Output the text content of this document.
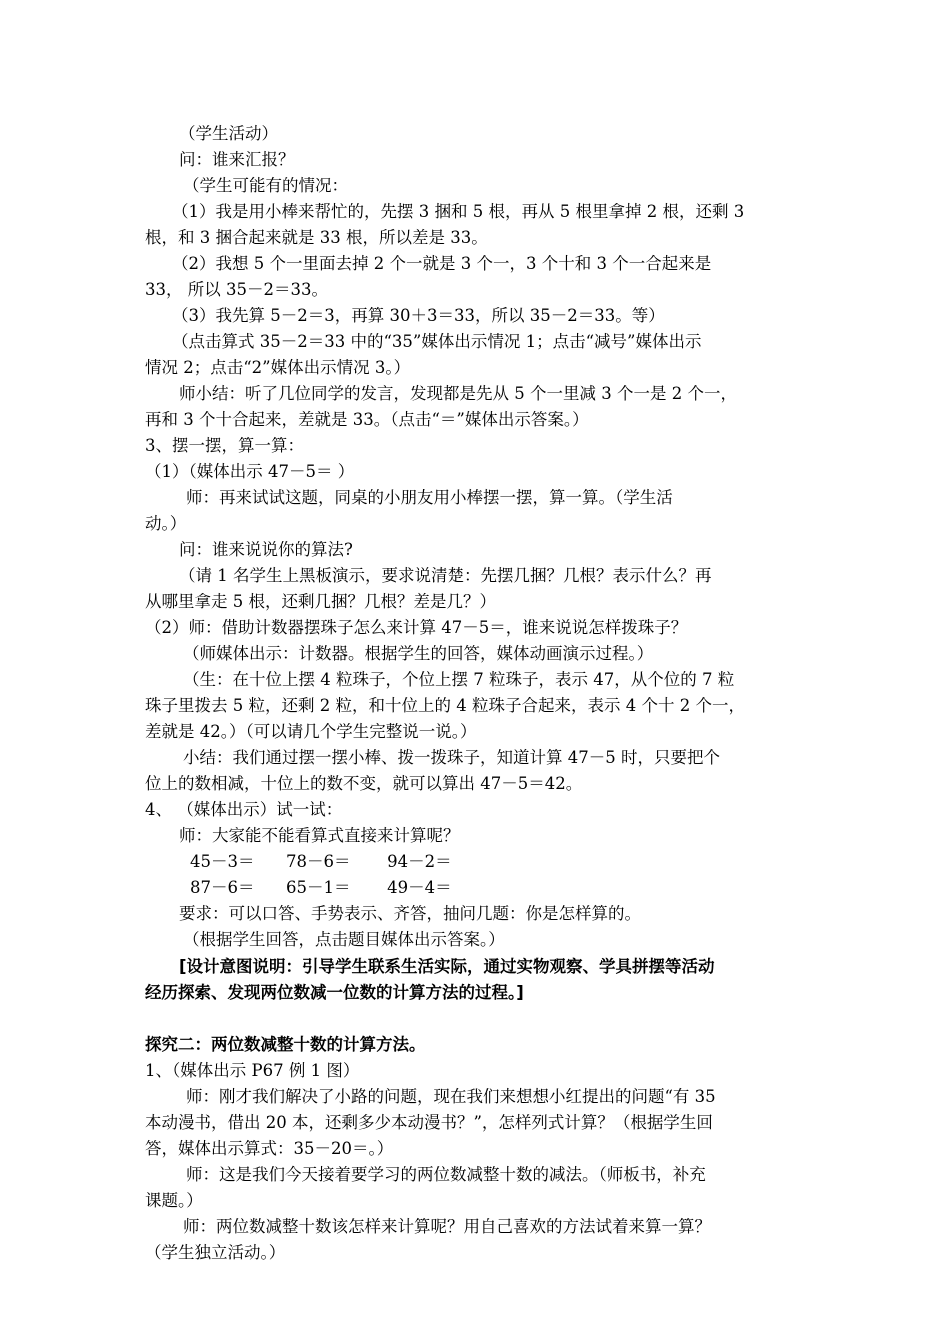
（学生活动）
问：谁来汇报？
（学生可能有的情况：
（1）我是用小棒来帮忙的，先摆 3 捆和 5 根，再从 5 根里拿掉 2 根，还剩 3
根，和 3 捆合起来就是 33 根，所以差是 33。
（2）我想 5 个一里面去掉 2 个一就是 3 个一，3 个十和 3 个一合起来是
33， 所以 35－2＝33。
（3）我先算 5－2＝3，再算 30＋3＝33，所以 35－2＝33。等）
（点击算式 35－2＝33 中的“35”媒体出示情况 1；点击“减号”媒体出示
情况 2；点击“2”媒体出示情况 3。）
师小结：听了几位同学的发言，发现都是先从 5 个一里减 3 个一是 2 个一，
再和 3 个十合起来，差就是 33。（点击“＝”媒体出示答案。）
3、摆一摆，算一算：
（1）（媒体出示 47－5＝ ）
师：再来试试这题，同桌的小朋友用小棒摆一摆，算一算。（学生活
动。）
问：谁来说说你的算法?
（请 1 名学生上黑板演示，要求说清楚：先摆几捆？几根？表示什么？再
从哪里拿走 5 根，还剩几捆？几根？差是几？）
（2）师：借助计数器摆珠子怎么来计算 47－5＝，谁来说说怎样拨珠子？
（师媒体出示：计数器。根据学生的回答，媒体动画演示过程。）
（生：在十位上摆 4 粒珠子，个位上摆 7 粒珠子，表示 47，从个位的 7 粒
珠子里拨去 5 粒，还剩 2 粒，和十位上的 4 粒珠子合起来，表示 4 个十 2 个一，
差就是 42。）（可以请几个学生完整说一说。）
小结：我们通过摆一摆小棒、拨一拨珠子，知道计算 47－5 时，只要把个
位上的数相减，十位上的数不变，就可以算出 47－5＝42。
4、 （媒体出示）试一试：
师：大家能不能看算式直接来计算呢？
45－3＝      78－6＝       94－2＝
87－6＝      65－1＝       49－4＝
要求：可以口答、手势表示、齐答，抽问几题：你是怎样算的。
（根据学生回答，点击题目媒体出示答案。）
[设计意图说明：引导学生联系生活实际，通过实物观察、学具拼摆等活动
经历探索、发现两位数减一位数的计算方法的过程。]
探究二：两位数减整十数的计算方法。
1、（媒体出示 P67 例 1 图）
师：刚才我们解决了小路的问题，现在我们来想想小红提出的问题“有 35
本动漫书，借出 20 本，还剩多少本动漫书？”，怎样列式计算？（根据学生回
答，媒体出示算式：35－20＝。）
师：这是我们今天接着要学习的两位数减整十数的减法。（师板书，补充
课题。）
师：两位数减整十数该怎样来计算呢？用自己喜欢的方法试着来算一算？
（学生独立活动。）
